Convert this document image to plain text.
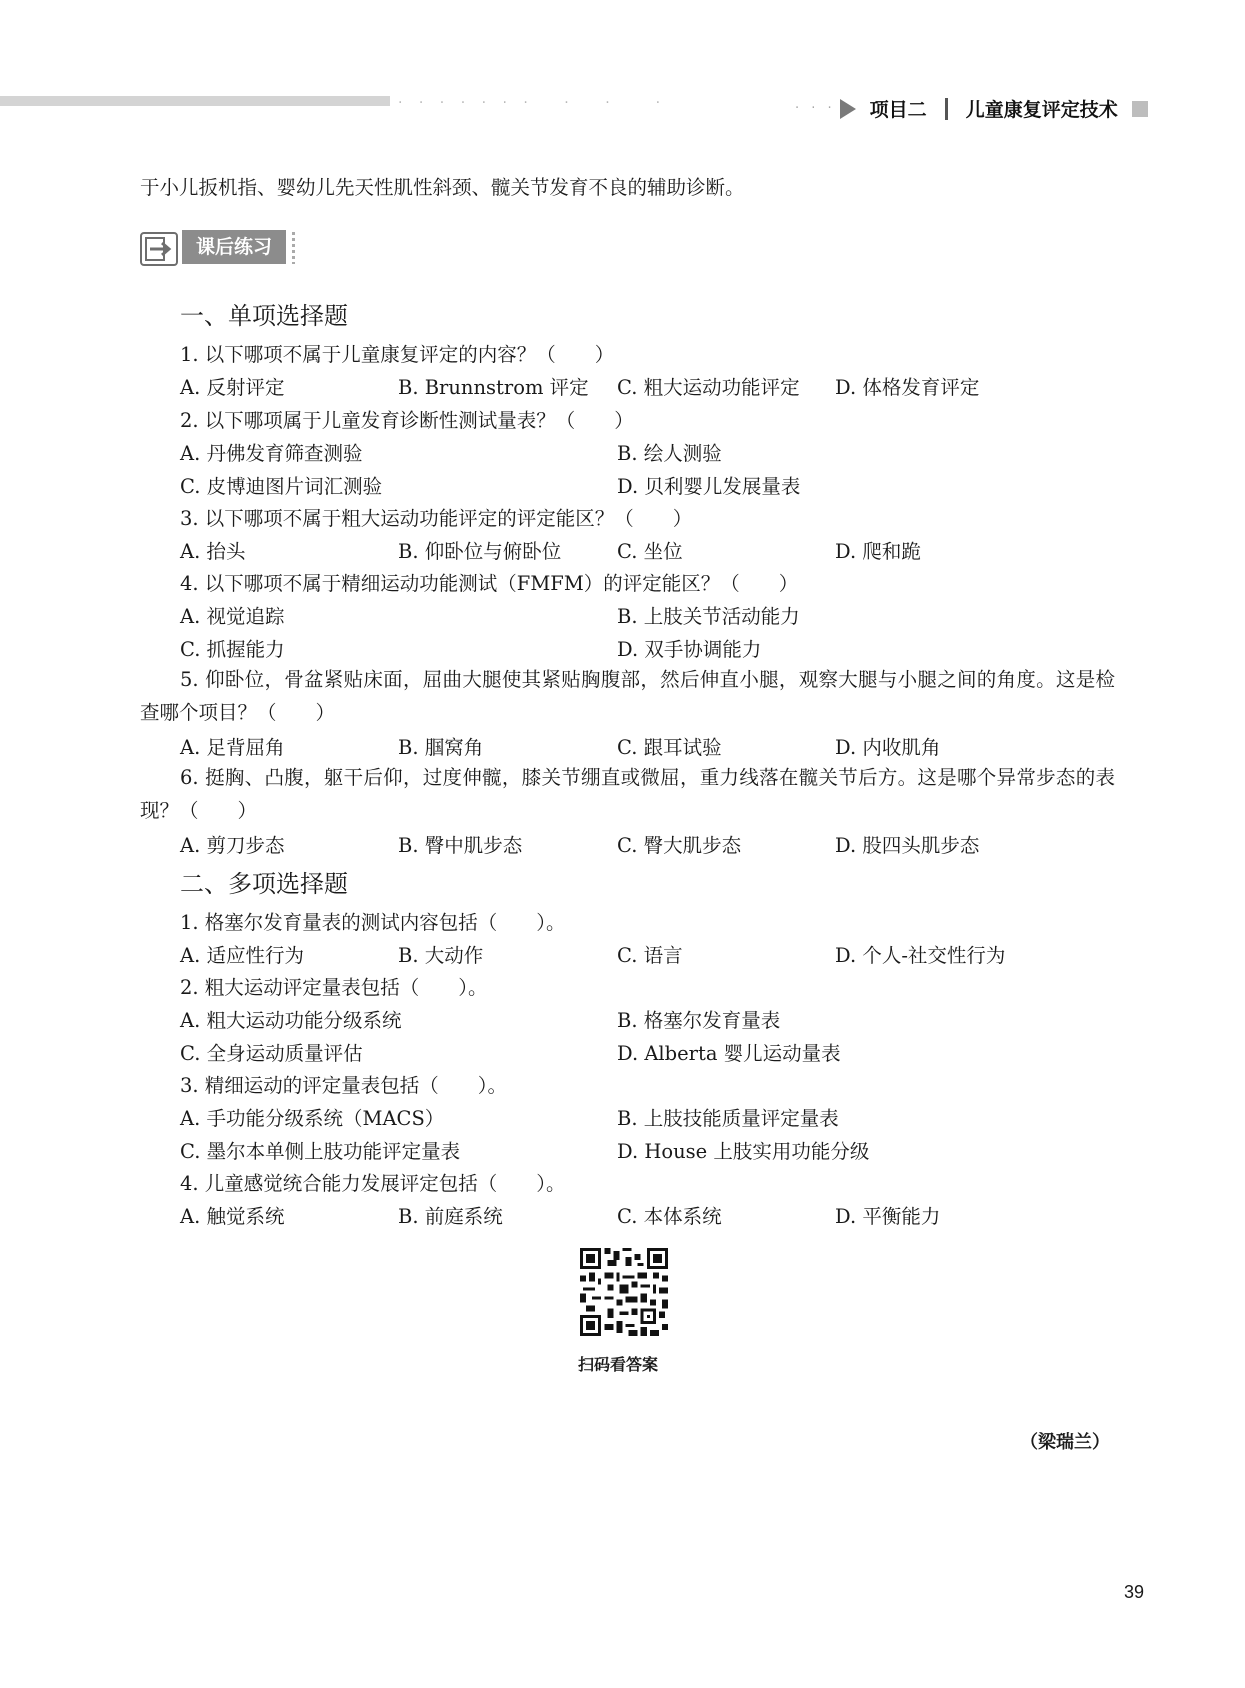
· · · · · · ·　 ·　 ·　　·	· · · 项目二 儿童康复评定技术
于小儿扳机指、婴幼儿先天性肌性斜颈、髋关节发育不良的辅助诊断。
课后练习
一、单项选择题
1. 以下哪项不属于儿童康复评定的内容？（　　）
A. 反射评定	B. Brunnstrom 评定 C. 粗大运动功能评定 D. 体格发育评定
2. 以下哪项属于儿童发育诊断性测试量表？（　　）
A. 丹佛发育筛查测验	B. 绘人测验
C. 皮博迪图片词汇测验	D. 贝利婴儿发展量表
3. 以下哪项不属于粗大运动功能评定的评定能区？（　　）
A. 抬头	B. 仰卧位与俯卧位	C. 坐位	D. 爬和跪
4. 以下哪项不属于精细运动功能测试（FMFM）的评定能区？（　　）
A. 视觉追踪	B. 上肢关节活动能力
C. 抓握能力	D. 双手协调能力
5. 仰卧位，骨盆紧贴床面，屈曲大腿使其紧贴胸腹部，然后伸直小腿，观察大腿与小腿之间的角度。这是检查哪个项目？（　　）
A. 足背屈角	B. 腘窝角	C. 跟耳试验	D. 内收肌角
6. 挺胸、凸腹，躯干后仰，过度伸髋，膝关节绷直或微屈，重力线落在髋关节后方。这是哪个异常步态的表现？（　　）
A. 剪刀步态	B. 臀中肌步态	C. 臀大肌步态	D. 股四头肌步态
二、多项选择题
1. 格塞尔发育量表的测试内容包括（　　）。
A. 适应性行为	B. 大动作	C. 语言	D. 个人-社交性行为
2. 粗大运动评定量表包括（　　）。
A. 粗大运动功能分级系统	B. 格塞尔发育量表
C. 全身运动质量评估	D. Alberta 婴儿运动量表
3. 精细运动的评定量表包括（　　）。
A. 手功能分级系统（MACS）	B. 上肢技能质量评定量表
C. 墨尔本单侧上肢功能评定量表	D. House 上肢实用功能分级
4. 儿童感觉统合能力发展评定包括（　　）。
A. 触觉系统	B. 前庭系统	C. 本体系统	D. 平衡能力
扫码看答案
（梁瑞兰）
39
